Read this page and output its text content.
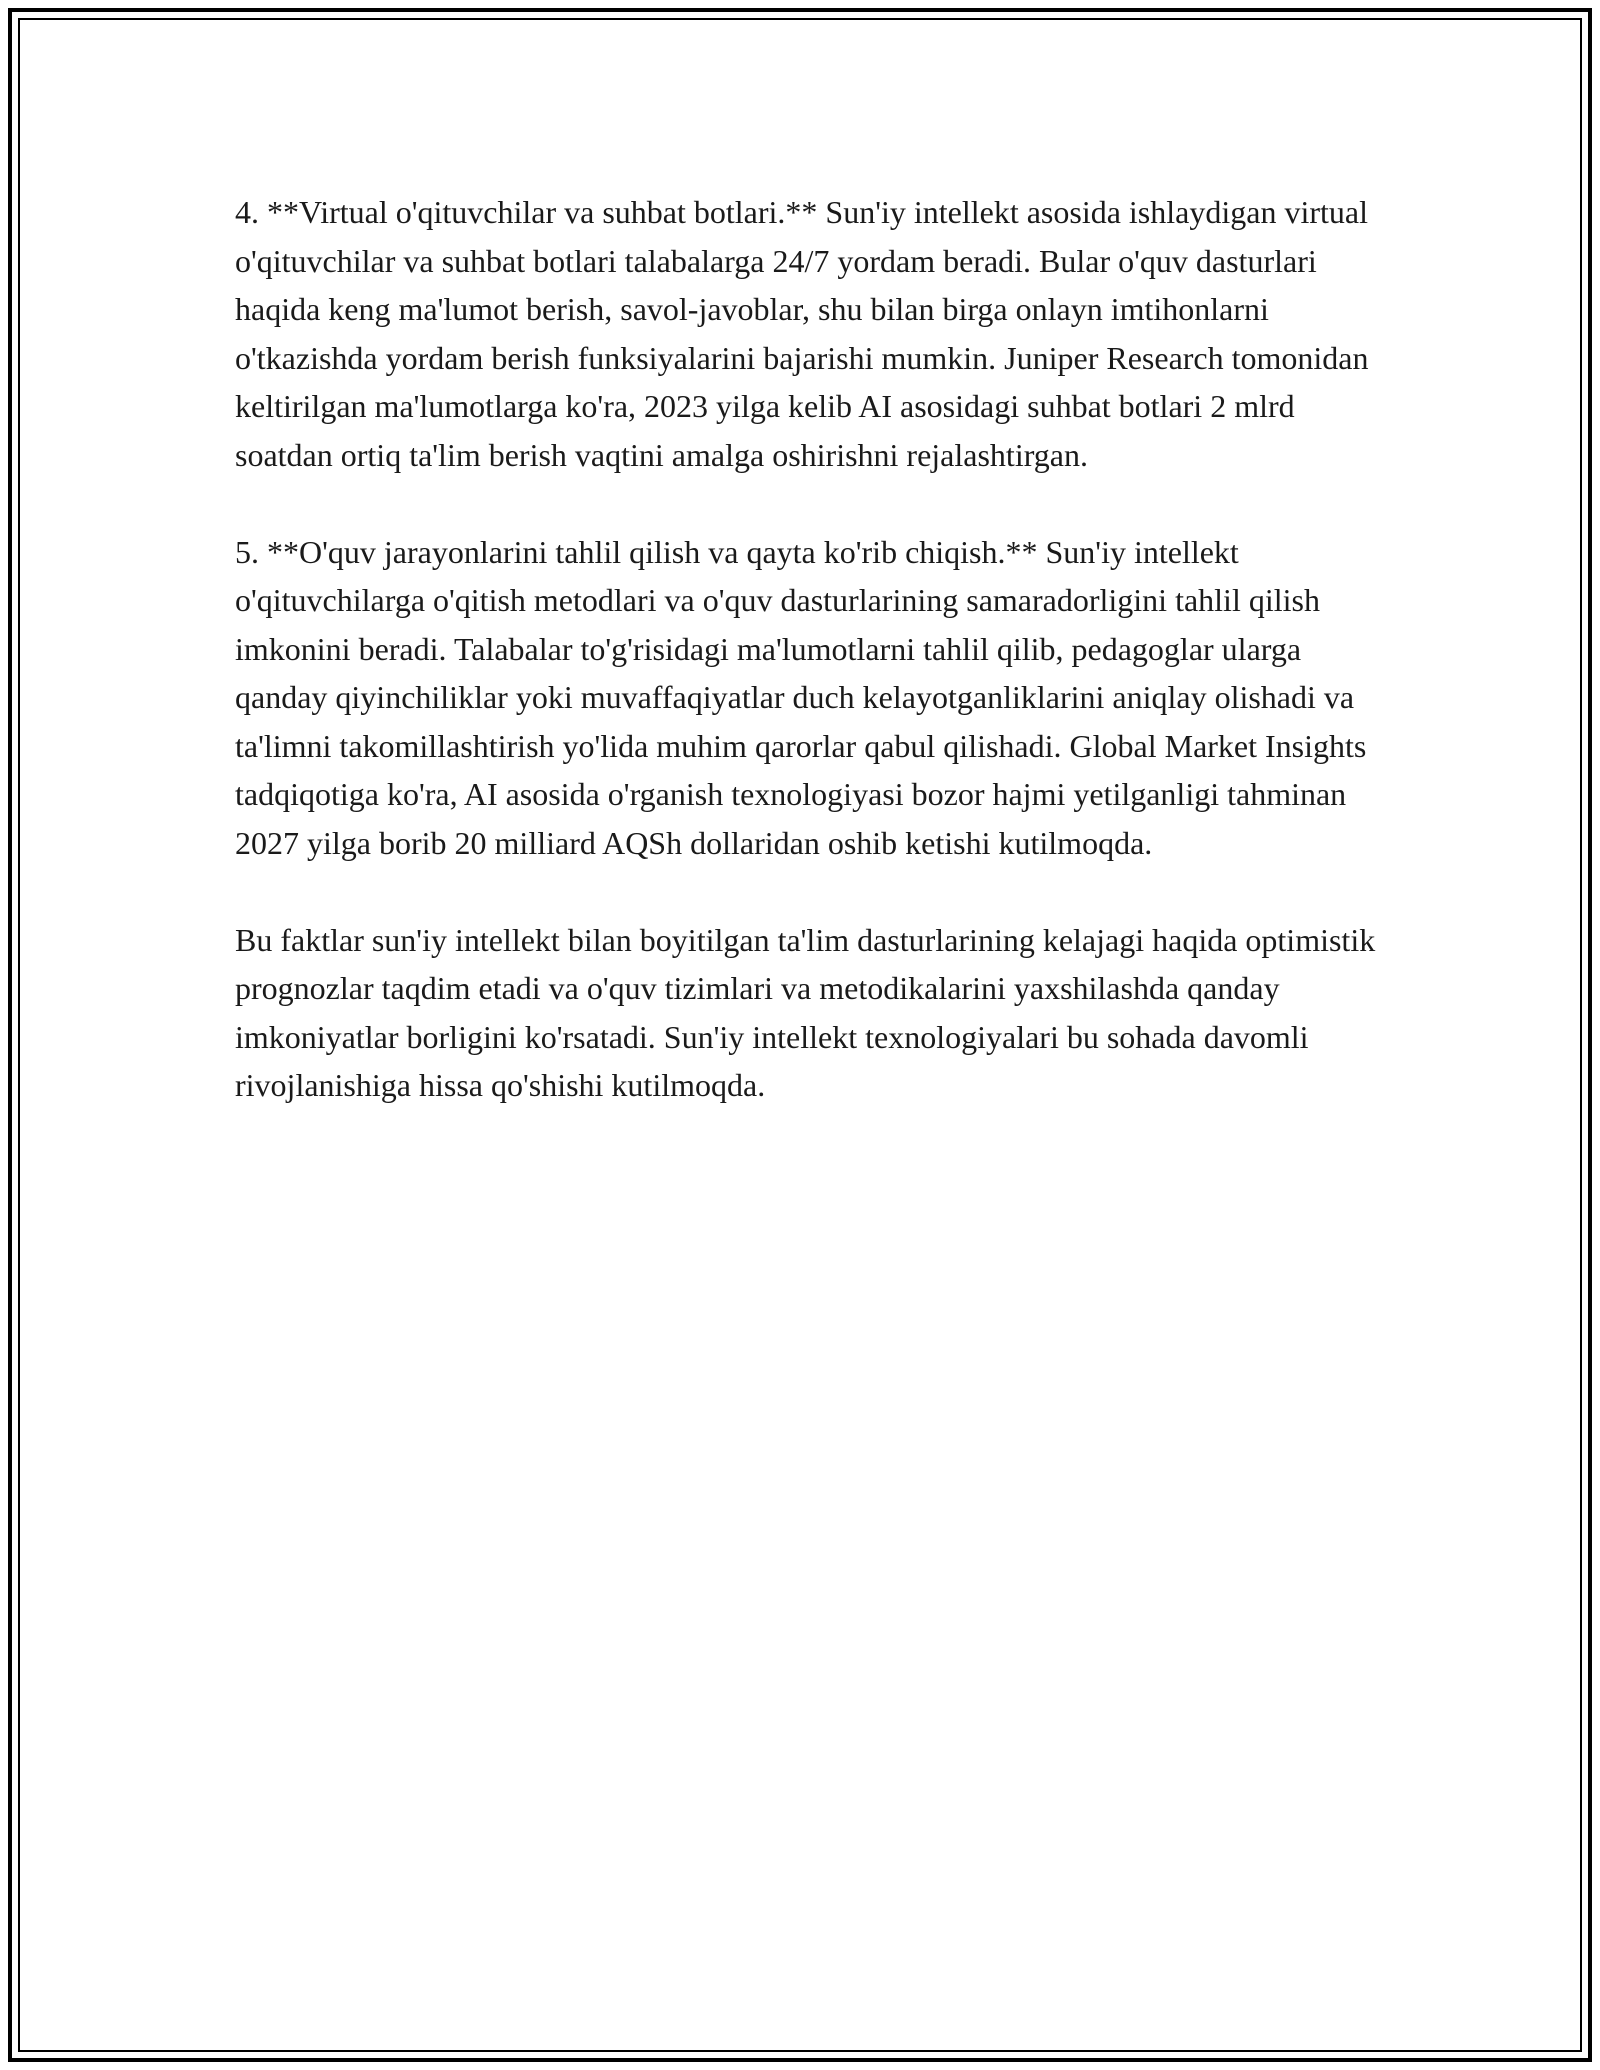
4. **Virtual o'qituvchilar va suhbat botlari.** Sun'iy intellekt asosida ishlaydigan virtual o'qituvchilar va suhbat botlari talabalarga 24/7 yordam beradi. Bular o'quv dasturlari haqida keng ma'lumot berish, savol-javoblar, shu bilan birga onlayn imtihonlarni o'tkazishda yordam berish funksiyalarini bajarishi mumkin. Juniper Research tomonidan keltirilgan ma'lumotlarga ko'ra, 2023 yilga kelib AI asosidagi suhbat botlari 2 mlrd soatdan ortiq ta'lim berish vaqtini amalga oshirishni rejalashtirgan.

5. **O'quv jarayonlarini tahlil qilish va qayta ko'rib chiqish.** Sun'iy intellekt o'qituvchilarga o'qitish metodlari va o'quv dasturlarining samaradorligini tahlil qilish imkonini beradi. Talabalar to'g'risidagi ma'lumotlarni tahlil qilib, pedagoglar ularga qanday qiyinchiliklar yoki muvaffaqiyatlar duch kelayotganliklarini aniqlay olishadi va ta'limni takomillashtirish yo'lida muhim qarorlar qabul qilishadi. Global Market Insights tadqiqotiga ko'ra, AI asosida o'rganish texnologiyasi bozor hajmi yetilganligi tahminan 2027 yilga borib 20 milliard AQSh dollaridan oshib ketishi kutilmoqda.

Bu faktlar sun'iy intellekt bilan boyitilgan ta'lim dasturlarining kelajagi haqida optimistik prognozlar taqdim etadi va o'quv tizimlari va metodikalarini yaxshilashda qanday imkoniyatlar borligini ko'rsatadi. Sun'iy intellekt texnologiyalari bu sohada davomli rivojlanishiga hissa qo'shishi kutilmoqda.
